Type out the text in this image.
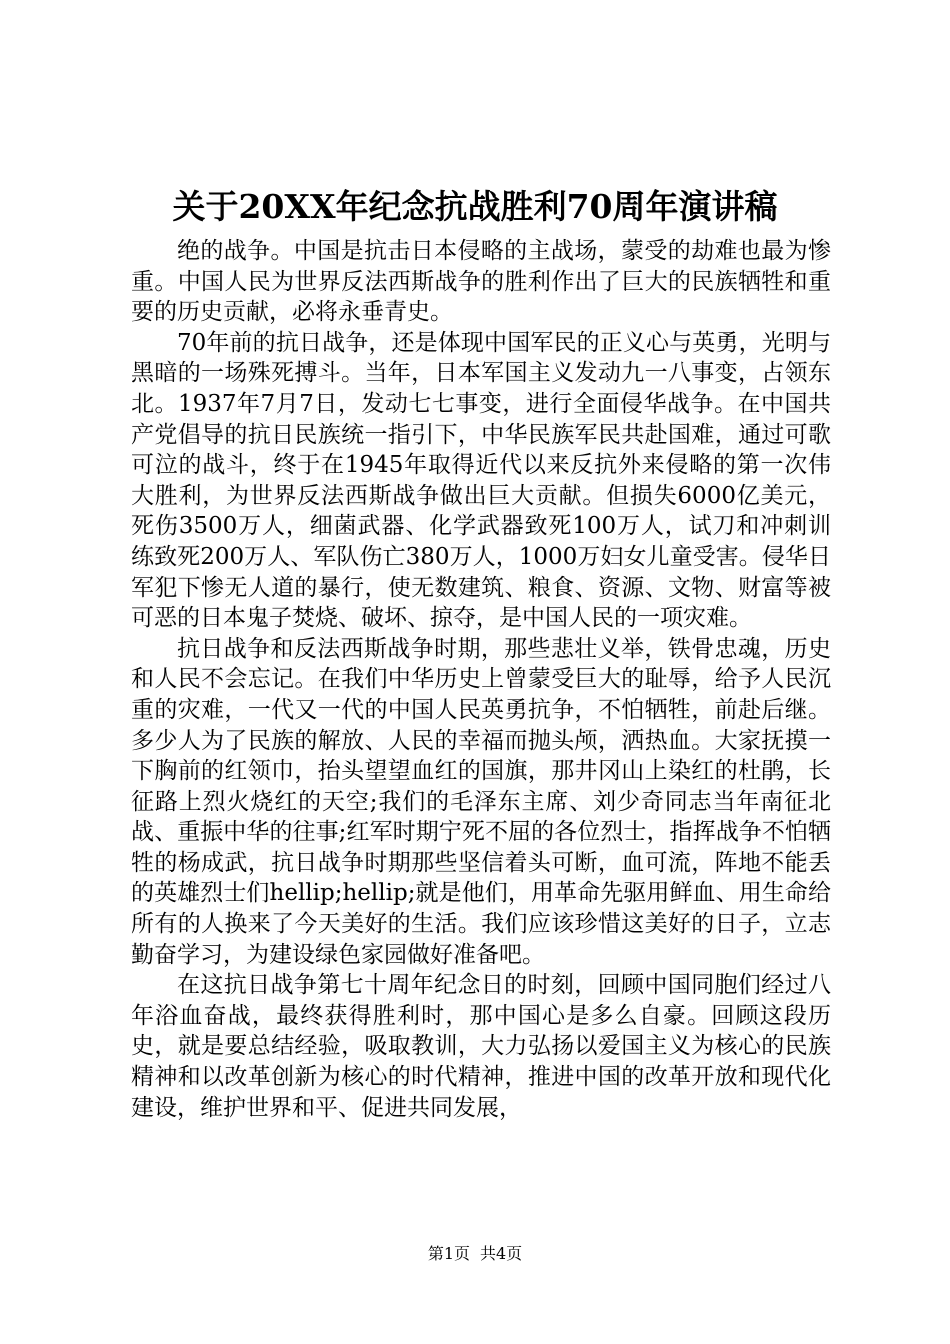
关于20XX年纪念抗战胜利70周年演讲稿

绝的战争。中国是抗击日本侵略的主战场，蒙受的劫难也最为惨重。中国人民为世界反法西斯战争的胜利作出了巨大的民族牺牲和重要的历史贡献，必将永垂青史。

70年前的抗日战争，还是体现中国军民的正义心与英勇，光明与黑暗的一场殊死搏斗。当年，日本军国主义发动九一八事变，占领东北。1937年7月7日，发动七七事变，进行全面侵华战争。在中国共产党倡导的抗日民族统一指引下，中华民族军民共赴国难，通过可歌可泣的战斗，终于在1945年取得近代以来反抗外来侵略的第一次伟大胜利，为世界反法西斯战争做出巨大贡献。但损失6000亿美元，死伤3500万人，细菌武器、化学武器致死100万人，试刀和冲刺训练致死200万人、军队伤亡380万人，1000万妇女儿童受害。侵华日军犯下惨无人道的暴行，使无数建筑、粮食、资源、文物、财富等被可恶的日本鬼子焚烧、破坏、掠夺，是中国人民的一项灾难。

抗日战争和反法西斯战争时期，那些悲壮义举，铁骨忠魂，历史和人民不会忘记。在我们中华历史上曾蒙受巨大的耻辱，给予人民沉重的灾难，一代又一代的中国人民英勇抗争，不怕牺牲，前赴后继。多少人为了民族的解放、人民的幸福而抛头颅，洒热血。大家抚摸一下胸前的红领巾，抬头望望血红的国旗，那井冈山上染红的杜鹃，长征路上烈火烧红的天空;我们的毛泽东主席、刘少奇同志当年南征北战、重振中华的往事;红军时期宁死不屈的各位烈士，指挥战争不怕牺牲的杨成武，抗日战争时期那些坚信着头可断，血可流，阵地不能丢的英雄烈士们hellip;hellip;就是他们，用革命先驱用鲜血、用生命给所有的人换来了今天美好的生活。我们应该珍惜这美好的日子，立志勤奋学习，为建设绿色家园做好准备吧。

在这抗日战争第七十周年纪念日的时刻，回顾中国同胞们经过八年浴血奋战，最终获得胜利时，那中国心是多么自豪。回顾这段历史，就是要总结经验，吸取教训，大力弘扬以爱国主义为核心的民族精神和以改革创新为核心的时代精神，推进中国的改革开放和现代化建设，维护世界和平、促进共同发展，

第1页 共4页
